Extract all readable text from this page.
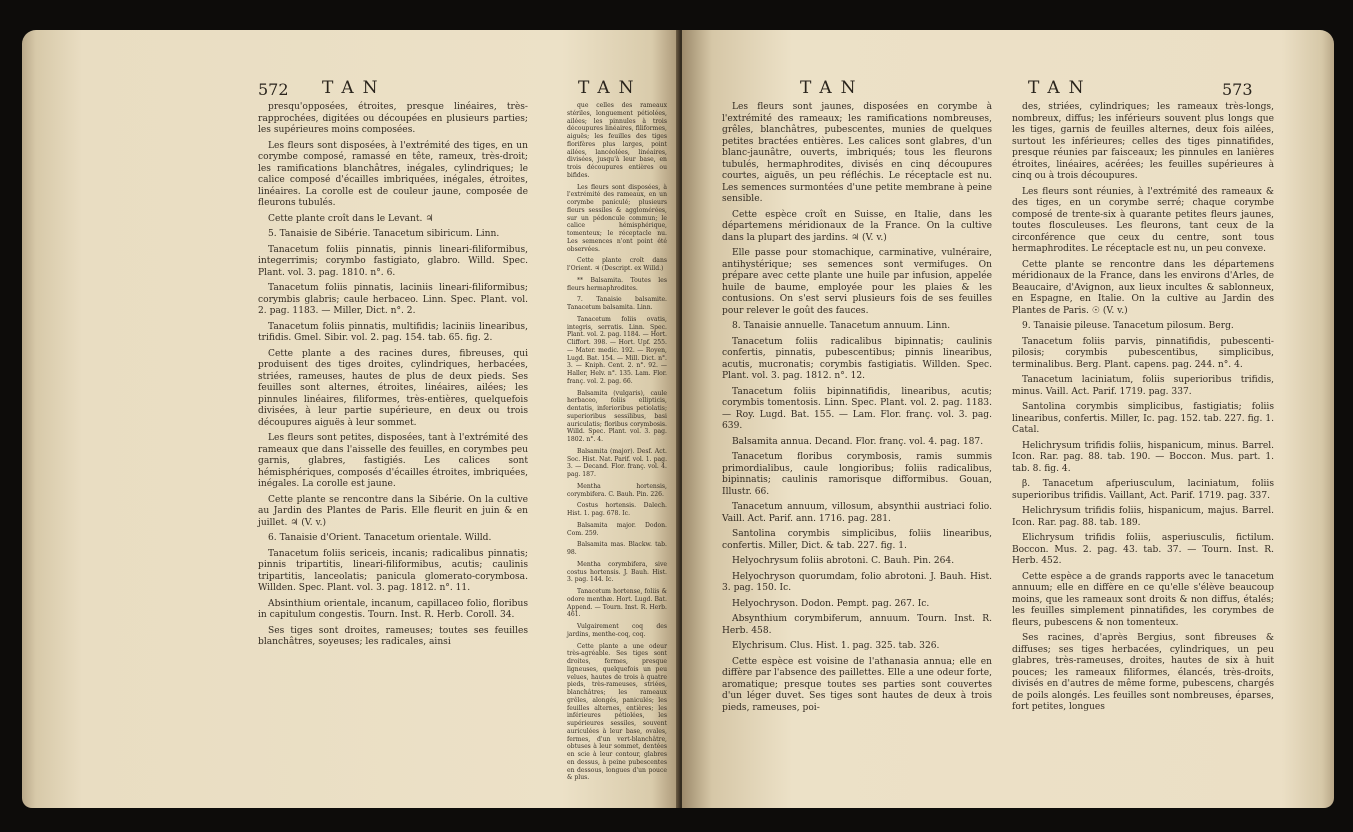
572 TAN	TAN

presqu'opposées, étroites, presque linéaires, très-rapprochées, digitées ou découpées en plusieurs parties; les supérieures moins composées.

Les fleurs sont disposées, à l'extrémité des tiges, en un corymbe composé, ramassé en tête, rameux, très-droit; les ramifications blanchâtres, inégales, cylindriques; le calice composé d'écailles imbriquées, inégales, étroites, linéaires. La corolle est de couleur jaune, composée de fleurons tubulés.

Cette plante croît dans le Levant. ♃

5. Tanaisie de Sibérie. Tanacetum sibiricum. Linn.

Tanacetum foliis pinnatis, pinnis lineari-filiformibus, integerrimis; corymbo fastigiato, glabro. Willd. Spec. Plant. vol. 3. pag. 1810. n°. 6.

Tanacetum foliis pinnatis, laciniis lineari-filiformibus; corymbis glabris; caule herbaceo. Linn. Spec. Plant. vol. 2. pag. 1183. — Miller, Dict. n°. 2.

Tanacetum foliis pinnatis, multifidis; laciniis linearibus, trifidis. Gmel. Sibir. vol. 2. pag. 154. tab. 65. fig. 2.

Cette plante a des racines dures, fibreuses, qui produisent des tiges droites, cylindriques, herbacées, striées, rameuses, hautes de plus de deux pieds. Ses feuilles sont alternes, étroites, linéaires, ailées; les pinnules linéaires, filiformes, très-entières, quelquefois divisées, à leur partie supérieure, en deux ou trois découpures aiguës à leur sommet.

Les fleurs sont petites, disposées, tant à l'extrémité des rameaux que dans l'aisselle des feuilles, en corymbes peu garnis, glabres, fastigiés. Les calices sont hémisphériques, composés d'écailles étroites, imbriquées, inégales. La corolle est jaune.

Cette plante se rencontre dans la Sibérie. On la cultive au Jardin des Plantes de Paris. Elle fleurit en juin & en juillet. ♃ (V. v.)

6. Tanaisie d'Orient. Tanacetum orientale. Willd.

Tanacetum foliis sericeis, incanis; radicalibus pinnatis; pinnis tripartitis, lineari-filiformibus, acutis; caulinis tripartitis, lanceolatis; panicula glomerato-corymbosa. Willden. Spec. Plant. vol. 3. pag. 1812. n°. 11.

Absinthium orientale, incanum, capillaceo folio, floribus in capitulum congestis. Tourn. Inst. R. Herb. Coroll. 34.

Ses tiges sont droites, rameuses; toutes ses feuilles blanchâtres, soyeuses; les radicales, ainsi

que celles des rameaux stériles, longuement pétiolées, ailées; les pinnules à trois découpures linéaires, filiformes, aiguës; les feuilles des tiges florifères plus larges, point ailées, lancéolées, linéaires, divisées, jusqu'à leur base, en trois découpures entières ou bifides.

Les fleurs sont disposées, à l'extrémité des rameaux, en un corymbe paniculé; plusieurs fleurs sessiles & agglomérées, sur un pédoncule commun; le calice hémisphérique, tomenteux; le réceptacle nu. Les semences n'ont point été observées.

Cette plante croît dans l'Orient. ♃ (Descript. ex Willd.)

** Balsamita. Toutes les fleurs hermaphrodites.

7. Tanaisie balsamite. Tanacetum balsamita. Linn.

Tanacetum foliis ovatis, integris, serratis. Linn. Spec. Plant. vol. 2. pag. 1184. — Hort. Cliffort. 398. — Hort. Upf. 255. — Mater. medic. 192. — Royen, Lugd. Bat. 154. — Mill. Dict. n°. 3. — Kniph. Cent. 2. n°. 92. — Haller, Helv. n°. 135. Lam. Flor. franç. vol. 2. pag. 66.

Balsamita (vulgaris), caule herbaceo, foliis ellipticis, dentatis, inferioribus petiolatis; superioribus sessilibus, basi auriculatis; floribus corymbosis. Willd. Spec. Plant. vol. 3. pag. 1802. n°. 4.

Balsamita (major). Desf. Act. Soc. Hist. Nat. Parif. vol. 1. pag. 3. — Decand. Flor. franç. vol. 4. pag. 187.

Mentha hortensis, corymbifera. C. Bauh. Pin. 226.

Costus hortensis. Dalech. Hist. 1. pag. 678. Ic.

Balsamita major. Dodon. Com. 259.

Balsamita mas. Blackw. tab. 98.

Mentha corymbifera, sive costus hortensis. J. Bauh. Hist. 3. pag. 144. Ic.

Tanacetum hortense, foliis & odore menthæ. Hort. Lugd. Bat. Append. — Tourn. Inst. R. Herb. 461.

Vulgairement coq des jardins, menthe-coq, coq.

Cette plante a une odeur très-agréable. Ses tiges sont droites, fermes, presque ligneuses, quelquefois un peu velues, hautes de trois à quatre pieds, très-rameuses, striées, blanchâtres; les rameaux grêles, alongés, paniculés; les feuilles alternes, entières; les inférieures pétiolées, les supérieures sessiles, souvent auriculées à leur base, ovales, fermes, d'un vert-blanchâtre, obtuses à leur sommet, dentées en scie à leur contour, glabres en dessus, à peine pubescentes en dessous, longues d'un pouce & plus.

TAN	TAN	573

Les fleurs sont jaunes, disposées en corymbe à l'extrémité des rameaux; les ramifications nombreuses, grêles, blanchâtres, pubescentes, munies de quelques petites bractées entières. Les calices sont glabres, d'un blanc-jaunâtre, ouverts, imbriqués; tous les fleurons tubulés, hermaphrodites, divisés en cinq découpures courtes, aiguës, un peu réfléchis. Le réceptacle est nu. Les semences surmontées d'une petite membrane à peine sensible.

Cette espèce croît en Suisse, en Italie, dans les départemens méridionaux de la France. On la cultive dans la plupart des jardins. ♃ (V. v.)

Elle passe pour stomachique, carminative, vulnéraire, antihystérique; ses semences sont vermifuges. On prépare avec cette plante une huile par infusion, appelée huile de baume, employée pour les plaies & les contusions. On s'est servi plusieurs fois de ses feuilles pour relever le goût des fauces.

8. Tanaisie annuelle. Tanacetum annuum. Linn.

Tanacetum foliis radicalibus bipinnatis; caulinis confertis, pinnatis, pubescentibus; pinnis linearibus, acutis, mucronatis; corymbis fastigiatis. Willden. Spec. Plant. vol. 3. pag. 1812. n°. 12.

Tanacetum foliis bipinnatifidis, linearibus, acutis; corymbis tomentosis. Linn. Spec. Plant. vol. 2. pag. 1183. — Roy. Lugd. Bat. 155. — Lam. Flor. franç. vol. 3. pag. 639.

Balsamita annua. Decand. Flor. franç. vol. 4. pag. 187.

Tanacetum floribus corymbosis, ramis summis primordialibus, caule longioribus; foliis radicalibus, bipinnatis; caulinis ramorisque difformibus. Gouan, Illustr. 66.

Tanacetum annuum, villosum, absynthii austriaci folio. Vaill. Act. Parif. ann. 1716. pag. 281.

Santolina corymbis simplicibus, foliis linearibus, confertis. Miller, Dict. & tab. 227. fig. 1.

Helyochrysum foliis abrotoni. C. Bauh. Pin. 264.

Helyochryson quorumdam, folio abrotoni. J. Bauh. Hist. 3. pag. 150. Ic.

Helyochryson. Dodon. Pempt. pag. 267. Ic.

Absynthium corymbiferum, annuum. Tourn. Inst. R. Herb. 458.

Elychrisum. Clus. Hist. 1. pag. 325. tab. 326.

Cette espèce est voisine de l'athanasia annua; elle en diffère par l'absence des paillettes. Elle a une odeur forte, aromatique; presque toutes ses parties sont couvertes d'un léger duvet. Ses tiges sont hautes de deux à trois pieds, rameuses, poi-

des, striées, cylindriques; les rameaux très-longs, nombreux, diffus; les inférieurs souvent plus longs que les tiges, garnis de feuilles alternes, deux fois ailées, surtout les inférieures; celles des tiges pinnatifides, presque réunies par faisceaux; les pinnules en lanières étroites, linéaires, acérées; les feuilles supérieures à cinq ou à trois découpures.

Les fleurs sont réunies, à l'extrémité des rameaux & des tiges, en un corymbe serré; chaque corymbe composé de trente-six à quarante petites fleurs jaunes, toutes flosculeuses. Les fleurons, tant ceux de la circonférence que ceux du centre, sont tous hermaphrodites. Le réceptacle est nu, un peu convexe.

Cette plante se rencontre dans les départemens méridionaux de la France, dans les environs d'Arles, de Beaucaire, d'Avignon, aux lieux incultes & sablonneux, en Espagne, en Italie. On la cultive au Jardin des Plantes de Paris. ☉ (V. v.)

9. Tanaisie pileuse. Tanacetum pilosum. Berg.

Tanacetum foliis parvis, pinnatifidis, pubescenti-pilosis; corymbis pubescentibus, simplicibus, terminalibus. Berg. Plant. capens. pag. 244. n°. 4.

Tanacetum laciniatum, foliis superioribus trifidis, minus. Vaill. Act. Parif. 1719. pag. 337.

Santolina corymbis simplicibus, fastigiatis; foliis linearibus, confertis. Miller, Ic. pag. 152. tab. 227. fig. 1. Catal.

Helichrysum trifidis foliis, hispanicum, minus. Barrel. Icon. Rar. pag. 88. tab. 190. — Boccon. Mus. part. 1. tab. 8. fig. 4.

β. Tanacetum afperiusculum, laciniatum, foliis superioribus trifidis. Vaillant, Act. Parif. 1719. pag. 337.

Helichrysum trifidis foliis, hispanicum, majus. Barrel. Icon. Rar. pag. 88. tab. 189.

Elichrysum trifidis foliis, asperiusculis, fictilum. Boccon. Mus. 2. pag. 43. tab. 37. — Tourn. Inst. R. Herb. 452.

Cette espèce a de grands rapports avec le tanacetum annuum; elle en diffère en ce qu'elle s'élève beaucoup moins, que les rameaux sont droits & non diffus, étalés; les feuilles simplement pinnatifides, les corymbes de fleurs, pubescens & non tomenteux.

Ses racines, d'après Bergius, sont fibreuses & diffuses; ses tiges herbacées, cylindriques, un peu glabres, très-rameuses, droites, hautes de six à huit pouces; les rameaux filiformes, élancés, très-droits, divisés en d'autres de même forme, pubescens, chargés de poils alongés. Les feuilles sont nombreuses, éparses, fort petites, longues
